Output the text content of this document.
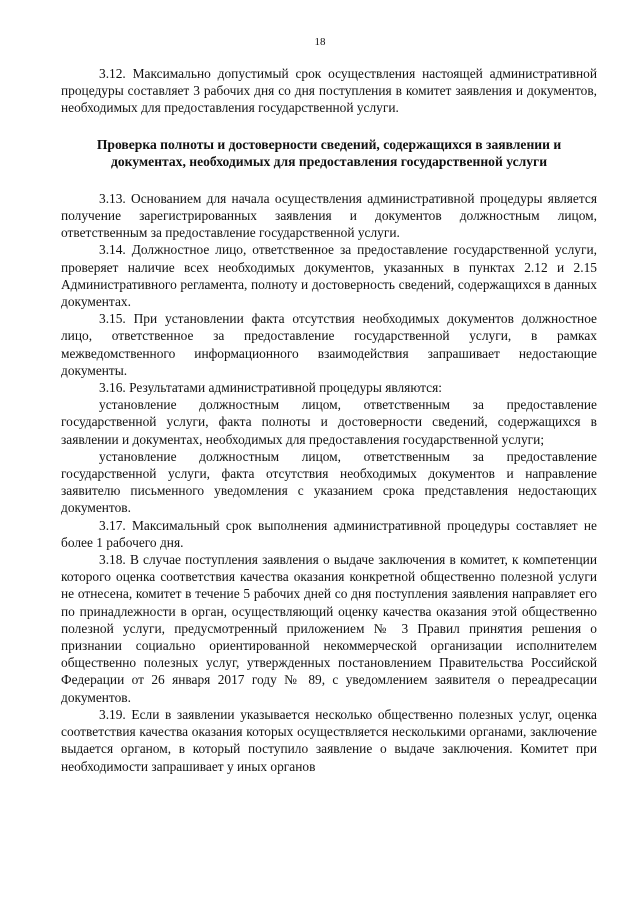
18

3.12. Максимально допустимый срок осуществления настоящей административной процедуры составляет 3 рабочих дня со дня поступления в комитет заявления и документов, необходимых для предоставления государственной услуги.

Проверка полноты и достоверности сведений, содержащихся в заявлении и документах, необходимых для предоставления государственной услуги

3.13. Основанием для начала осуществления административной процедуры является получение зарегистрированных заявления и документов должностным лицом, ответственным за предоставление государственной услуги.

3.14. Должностное лицо, ответственное за предоставление государственной услуги, проверяет наличие всех необходимых документов, указанных в пунктах 2.12 и 2.15 Административного регламента, полноту и достоверность сведений, содержащихся в данных документах.

3.15. При установлении факта отсутствия необходимых документов должностное лицо, ответственное за предоставление государственной услуги, в рамках межведомственного информационного взаимодействия запрашивает недостающие документы.

3.16. Результатами административной процедуры являются:

установление должностным лицом, ответственным за предоставление государственной услуги, факта полноты и достоверности сведений, содержащихся в заявлении и документах, необходимых для предоставления государственной услуги;

установление должностным лицом, ответственным за предоставление государственной услуги, факта отсутствия необходимых документов и направление заявителю письменного уведомления с указанием срока представления недостающих документов.

3.17. Максимальный срок выполнения административной процедуры составляет не более 1 рабочего дня.

3.18. В случае поступления заявления о выдаче заключения в комитет, к компетенции которого оценка соответствия качества оказания конкретной общественно полезной услуги не отнесена, комитет в течение 5 рабочих дней со дня поступления заявления направляет его по принадлежности в орган, осуществляющий оценку качества оказания этой общественно полезной услуги, предусмотренный приложением № 3 Правил принятия решения о признании социально ориентированной некоммерческой организации исполнителем общественно полезных услуг, утвержденных постановлением Правительства Российской Федерации от 26 января 2017 году № 89, с уведомлением заявителя о переадресации документов.

3.19. Если в заявлении указывается несколько общественно полезных услуг, оценка соответствия качества оказания которых осуществляется несколькими органами, заключение выдается органом, в который поступило заявление о выдаче заключения. Комитет при необходимости запрашивает у иных органов
